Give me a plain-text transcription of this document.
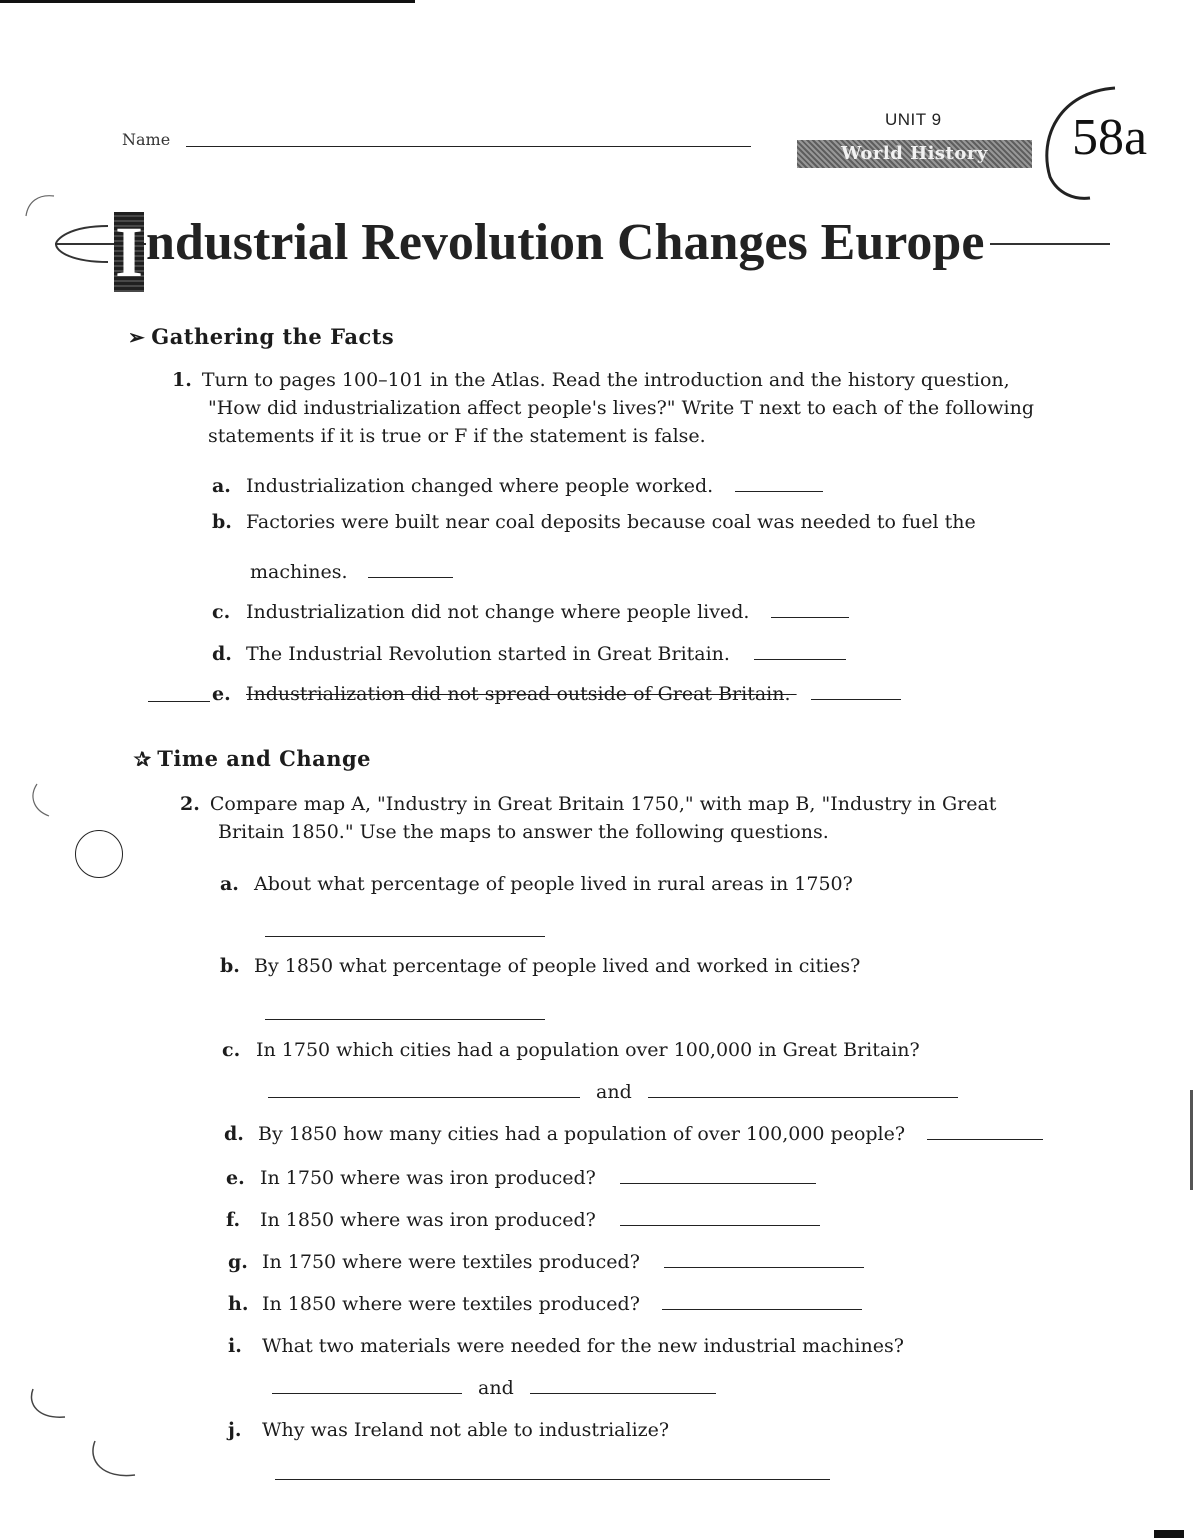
Name
UNIT 9
World History	58a
I ndustrial Revolution Changes Europe
➢ Gathering the Facts
1. Turn to pages 100–101 in the Atlas. Read the introduction and the history question,
"How did industrialization affect people's lives?" Write T next to each of the following
statements if it is true or F if the statement is false.
a. Industrialization changed where people worked.
b. Factories were built near coal deposits because coal was needed to fuel the
machines.
c. Industrialization did not change where people lived.
d. The Industrial Revolution started in Great Britain.
e. Industrialization did not spread outside of Great Britain.
✰ Time and Change
2. Compare map A, "Industry in Great Britain 1750," with map B, "Industry in Great
Britain 1850." Use the maps to answer the following questions.
a. About what percentage of people lived in rural areas in 1750?
b. By 1850 what percentage of people lived and worked in cities?
c. In 1750 which cities had a population over 100,000 in Great Britain?
and
d. By 1850 how many cities had a population of over 100,000 people?
e. In 1750 where was iron produced?
f. In 1850 where was iron produced?
g. In 1750 where were textiles produced?
h. In 1850 where were textiles produced?
i. What two materials were needed for the new industrial machines?
and
j. Why was Ireland not able to industrialize?
